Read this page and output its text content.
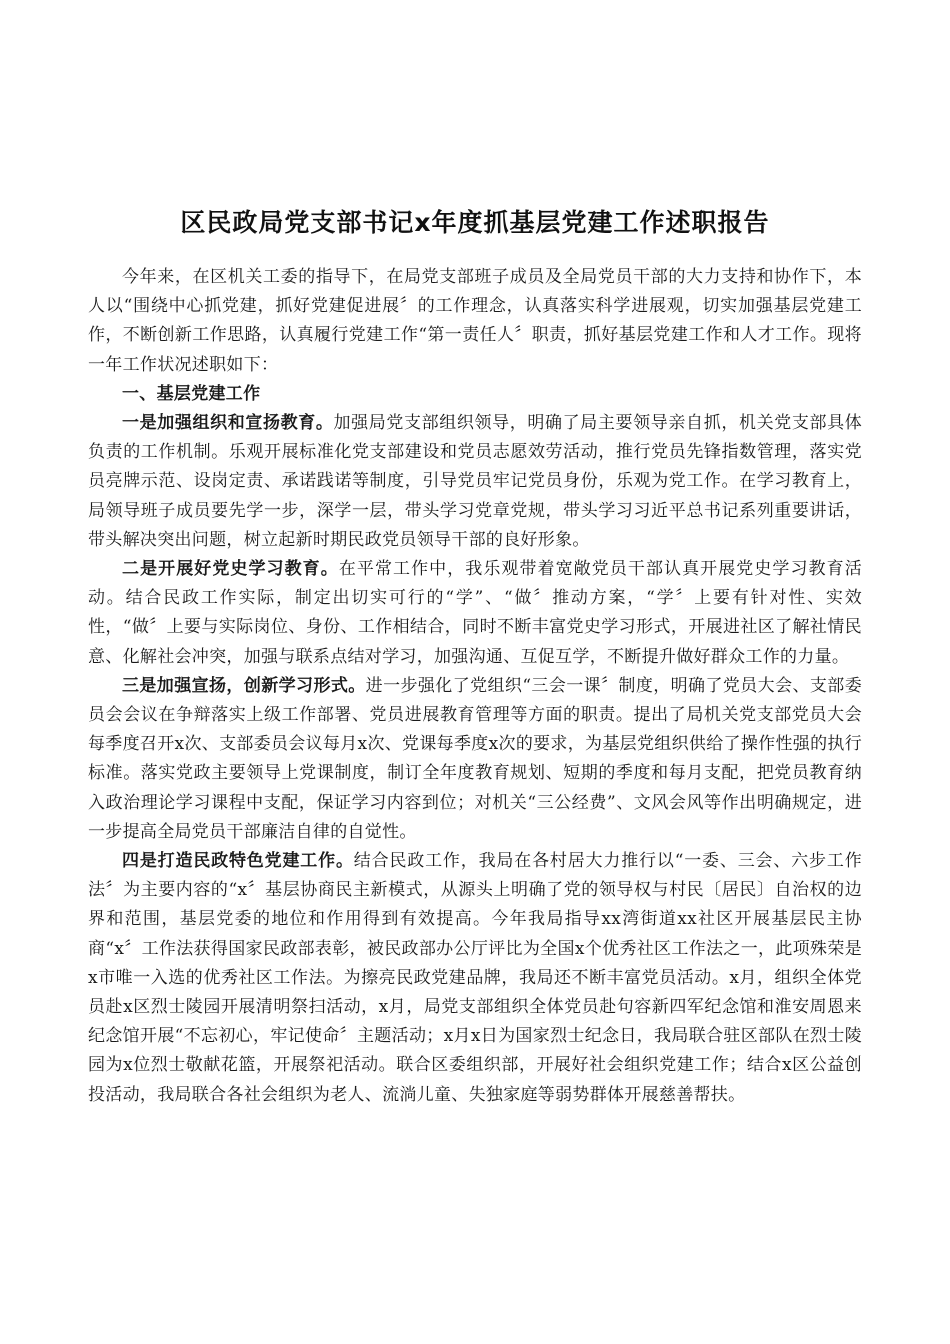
区民政局党支部书记x年度抓基层党建工作述职报告

今年来，在区机关工委的指导下，在局党支部班子成员及全局党员干部的大力支持和协作下，本人以“围绕中心抓党建，抓好党建促进展〞的工作理念，认真落实科学进展观，切实加强基层党建工作，不断创新工作思路，认真履行党建工作“第一责任人〞职责，抓好基层党建工作和人才工作。现将一年工作状况述职如下：

一、基层党建工作

一是加强组织和宣扬教育。加强局党支部组织领导，明确了局主要领导亲自抓，机关党支部具体负责的工作机制。乐观开展标准化党支部建设和党员志愿效劳活动，推行党员先锋指数管理，落实党员亮牌示范、设岗定责、承诺践诺等制度，引导党员牢记党员身份，乐观为党工作。在学习教育上，局领导班子成员要先学一步，深学一层，带头学习党章党规，带头学习习近平总书记系列重要讲话，带头解决突出问题，树立起新时期民政党员领导干部的良好形象。

二是开展好党史学习教育。在平常工作中，我乐观带着宽敞党员干部认真开展党史学习教育活动。结合民政工作实际，制定出切实可行的“学”、“做〞推动方案，“学〞上要有针对性、实效性，“做〞上要与实际岗位、身份、工作相结合，同时不断丰富党史学习形式，开展进社区了解社情民意、化解社会冲突，加强与联系点结对学习，加强沟通、互促互学，不断提升做好群众工作的力量。

三是加强宣扬，创新学习形式。进一步强化了党组织“三会一课〞制度，明确了党员大会、支部委员会会议在争辩落实上级工作部署、党员进展教育管理等方面的职责。提出了局机关党支部党员大会每季度召开x次、支部委员会议每月x次、党课每季度x次的要求，为基层党组织供给了操作性强的执行标准。落实党政主要领导上党课制度，制订全年度教育规划、短期的季度和每月支配，把党员教育纳入政治理论学习课程中支配，保证学习内容到位；对机关“三公经费”、文风会风等作出明确规定，进一步提高全局党员干部廉洁自律的自觉性。

四是打造民政特色党建工作。结合民政工作，我局在各村居大力推行以“一委、三会、六步工作法〞为主要内容的“x〞基层协商民主新模式，从源头上明确了党的领导权与村民〔居民〕自治权的边界和范围，基层党委的地位和作用得到有效提高。今年我局指导xx湾街道xx社区开展基层民主协商“x〞工作法获得国家民政部表彰，被民政部办公厅评比为全国x个优秀社区工作法之一，此项殊荣是x市唯一入选的优秀社区工作法。为擦亮民政党建品牌，我局还不断丰富党员活动。x月，组织全体党员赴x区烈士陵园开展清明祭扫活动，x月，局党支部组织全体党员赴句容新四军纪念馆和淮安周恩来纪念馆开展“不忘初心，牢记使命〞主题活动；x月x日为国家烈士纪念日，我局联合驻区部队在烈士陵园为x位烈士敬献花篮，开展祭祀活动。联合区委组织部，开展好社会组织党建工作；结合x区公益创投活动，我局联合各社会组织为老人、流淌儿童、失独家庭等弱势群体开展慈善帮扶。
